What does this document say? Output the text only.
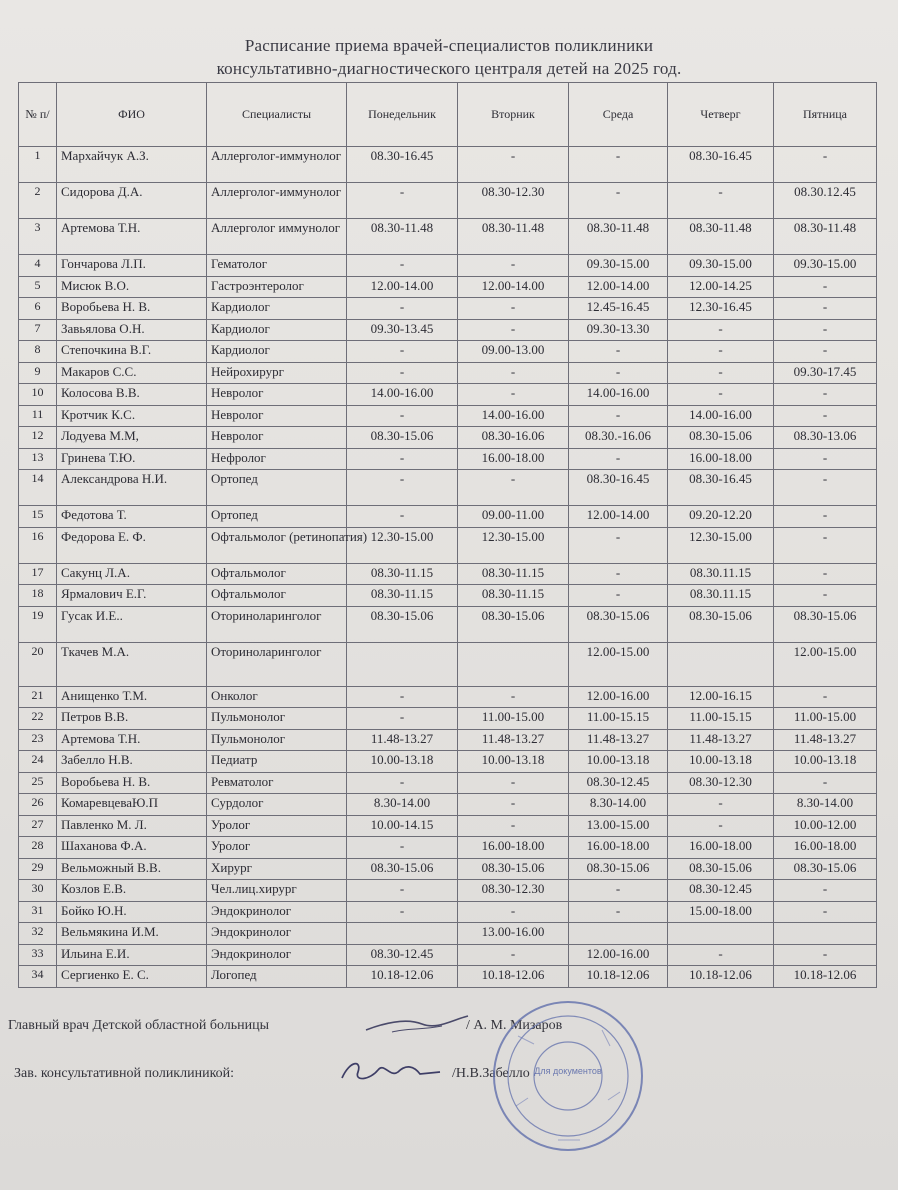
Расписание приема врачей-специалистов поликлиники
консультативно-диагностического централя детей на 2025 год.
№ п/	ФИО	Специалисты	Понедельник	Вторник	Среда	Четверг	Пятница
1	Мархайчук А.З.	Аллерголог-иммунолог	08.30-16.45	-	-	08.30-16.45	-
2	Сидорова Д.А.	Аллерголог-иммунолог	-	08.30-12.30	-	-	08.30.12.45
3	Артемова Т.Н.	Аллерголог иммунолог	08.30-11.48	08.30-11.48	08.30-11.48	08.30-11.48	08.30-11.48
4	Гончарова Л.П.	Гематолог	-	-	09.30-15.00	09.30-15.00	09.30-15.00
5	Мисюк В.О.	Гастроэнтеролог	12.00-14.00	12.00-14.00	12.00-14.00	12.00-14.25	-
6	Воробьева Н. В.	Кардиолог	-	-	12.45-16.45	12.30-16.45	-
7	Завьялова О.Н.	Кардиолог	09.30-13.45	-	09.30-13.30	-	-
8	Степочкина В.Г.	Кардиолог	-	09.00-13.00	-	-	-
9	Макаров С.С.	Нейрохирург	-	-	-	-	09.30-17.45
10	Колосова В.В.	Невролог	14.00-16.00	-	14.00-16.00	-	-
11	Кротчик К.С.	Невролог	-	14.00-16.00	-	14.00-16.00	-
12	Лодуева М.М,	Невролог	08.30-15.06	08.30-16.06	08.30.-16.06	08.30-15.06	08.30-13.06
13	Гринева Т.Ю.	Нефролог	-	16.00-18.00	-	16.00-18.00	-
14	Александрова Н.И.	Ортопед	-	-	08.30-16.45	08.30-16.45	-
15	Федотова Т.	Ортопед	-	09.00-11.00	12.00-14.00	09.20-12.20	-
16	Федорова Е. Ф.	Офтальмолог (ретинопатия)	12.30-15.00	12.30-15.00	-	12.30-15.00	-
17	Сакунц Л.А.	Офтальмолог	08.30-11.15	08.30-11.15	-	08.30.11.15	-
18	Ярмалович Е.Г.	Офтальмолог	08.30-11.15	08.30-11.15	-	08.30.11.15	-
19	Гусак И.Е..	Оториноларинголог	08.30-15.06	08.30-15.06	08.30-15.06	08.30-15.06	08.30-15.06
20	Ткачев М.А.	Оториноларинголог			12.00-15.00		12.00-15.00
21	Анищенко Т.М.	Онколог	-	-	12.00-16.00	12.00-16.15	-
22	Петров В.В.	Пульмонолог	-	11.00-15.00	11.00-15.15	11.00-15.15	11.00-15.00
23	Артемова Т.Н.	Пульмонолог	11.48-13.27	11.48-13.27	11.48-13.27	11.48-13.27	11.48-13.27
24	Забелло Н.В.	Педиатр	10.00-13.18	10.00-13.18	10.00-13.18	10.00-13.18	10.00-13.18
25	Воробьева Н. В.	Ревматолог	-	-	08.30-12.45	08.30-12.30	-
26	КомаревцеваЮ.П	Сурдолог	8.30-14.00	-	8.30-14.00	-	8.30-14.00
27	Павленко М. Л.	Уролог	10.00-14.15	-	13.00-15.00	-	10.00-12.00
28	Шаханова Ф.А.	Уролог	-	16.00-18.00	16.00-18.00	16.00-18.00	16.00-18.00
29	Вельможный В.В.	Хирург	08.30-15.06	08.30-15.06	08.30-15.06	08.30-15.06	08.30-15.06
30	Козлов Е.В.	Чел.лиц.хирург	-	08.30-12.30	-	08.30-12.45	-
31	Бойко Ю.Н.	Эндокринолог	-	-	-	15.00-18.00	-
32	Вельмякина И.М.	Эндокринолог		13.00-16.00			
33	Ильина Е.И.	Эндокринолог	08.30-12.45	-	12.00-16.00	-	-
34	Сергиенко Е. С.	Логопед	10.18-12.06	10.18-12.06	10.18-12.06	10.18-12.06	10.18-12.06
Главный врач Детской областной больницы	/ А. М. Мизаров
Зав. консультативной поликлиникой:	/Н.В.Забелло Для документов
